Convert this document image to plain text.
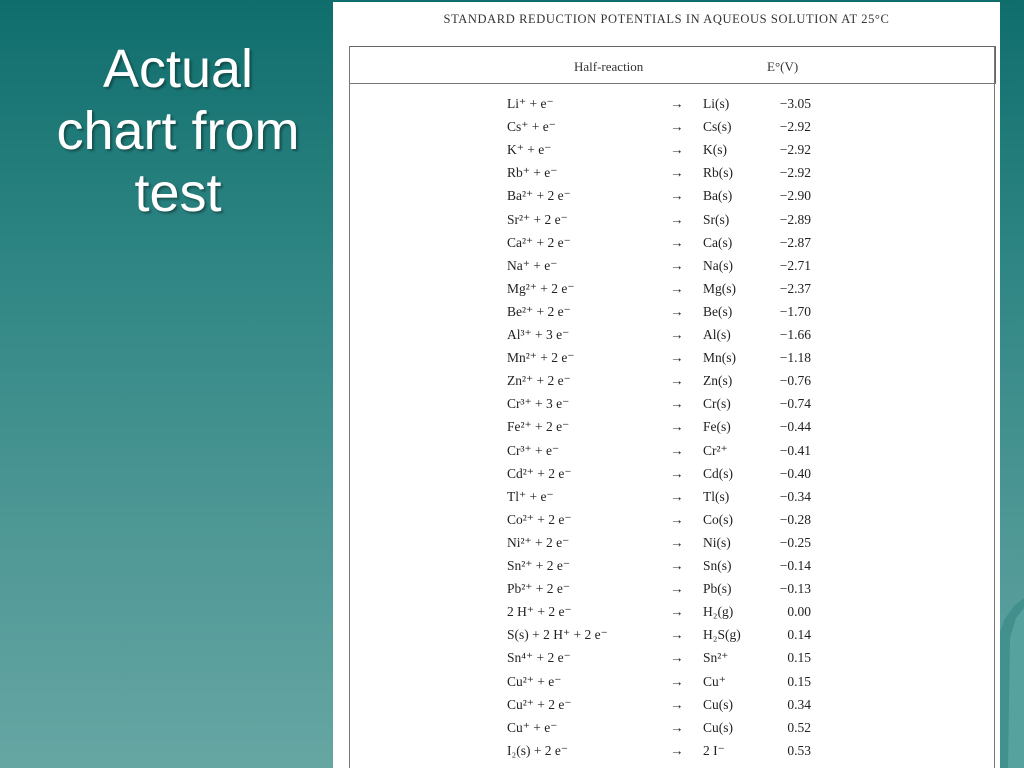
Actual
chart from
test
STANDARD REDUCTION POTENTIALS IN AQUEOUS SOLUTION AT 25°C
Half-reaction	E°(V)
Li⁺ + e⁻	→ Li(s)	−3.05
Cs⁺ + e⁻	→ Cs(s)	−2.92
K⁺ + e⁻	→ K(s)	−2.92
Rb⁺ + e⁻	→ Rb(s)	−2.92
Ba²⁺ + 2 e⁻	→ Ba(s)	−2.90
Sr²⁺ + 2 e⁻	→ Sr(s)	−2.89
Ca²⁺ + 2 e⁻	→ Ca(s)	−2.87
Na⁺ + e⁻	→ Na(s)	−2.71
Mg²⁺ + 2 e⁻	→ Mg(s)	−2.37
Be²⁺ + 2 e⁻	→ Be(s)	−1.70
Al³⁺ + 3 e⁻	→ Al(s)	−1.66
Mn²⁺ + 2 e⁻	→ Mn(s)	−1.18
Zn²⁺ + 2 e⁻	→ Zn(s)	−0.76
Cr³⁺ + 3 e⁻	→ Cr(s)	−0.74
Fe²⁺ + 2 e⁻	→ Fe(s)	−0.44
Cr³⁺ + e⁻	→ Cr²⁺	−0.41
Cd²⁺ + 2 e⁻	→ Cd(s)	−0.40
Tl⁺ + e⁻	→ Tl(s)	−0.34
Co²⁺ + 2 e⁻	→ Co(s)	−0.28
Ni²⁺ + 2 e⁻	→ Ni(s)	−0.25
Sn²⁺ + 2 e⁻	→ Sn(s)	−0.14
Pb²⁺ + 2 e⁻	→ Pb(s)	−0.13
2 H⁺ + 2 e⁻	→ H₂(g)	0.00
S(s) + 2 H⁺ + 2 e⁻	→ H₂S(g)	0.14
Sn⁴⁺ + 2 e⁻	→ Sn²⁺	0.15
Cu²⁺ + e⁻	→ Cu⁺	0.15
Cu²⁺ + 2 e⁻	→ Cu(s)	0.34
Cu⁺ + e⁻	→ Cu(s)	0.52
I₂(s) + 2 e⁻	→ 2 I⁻	0.53
